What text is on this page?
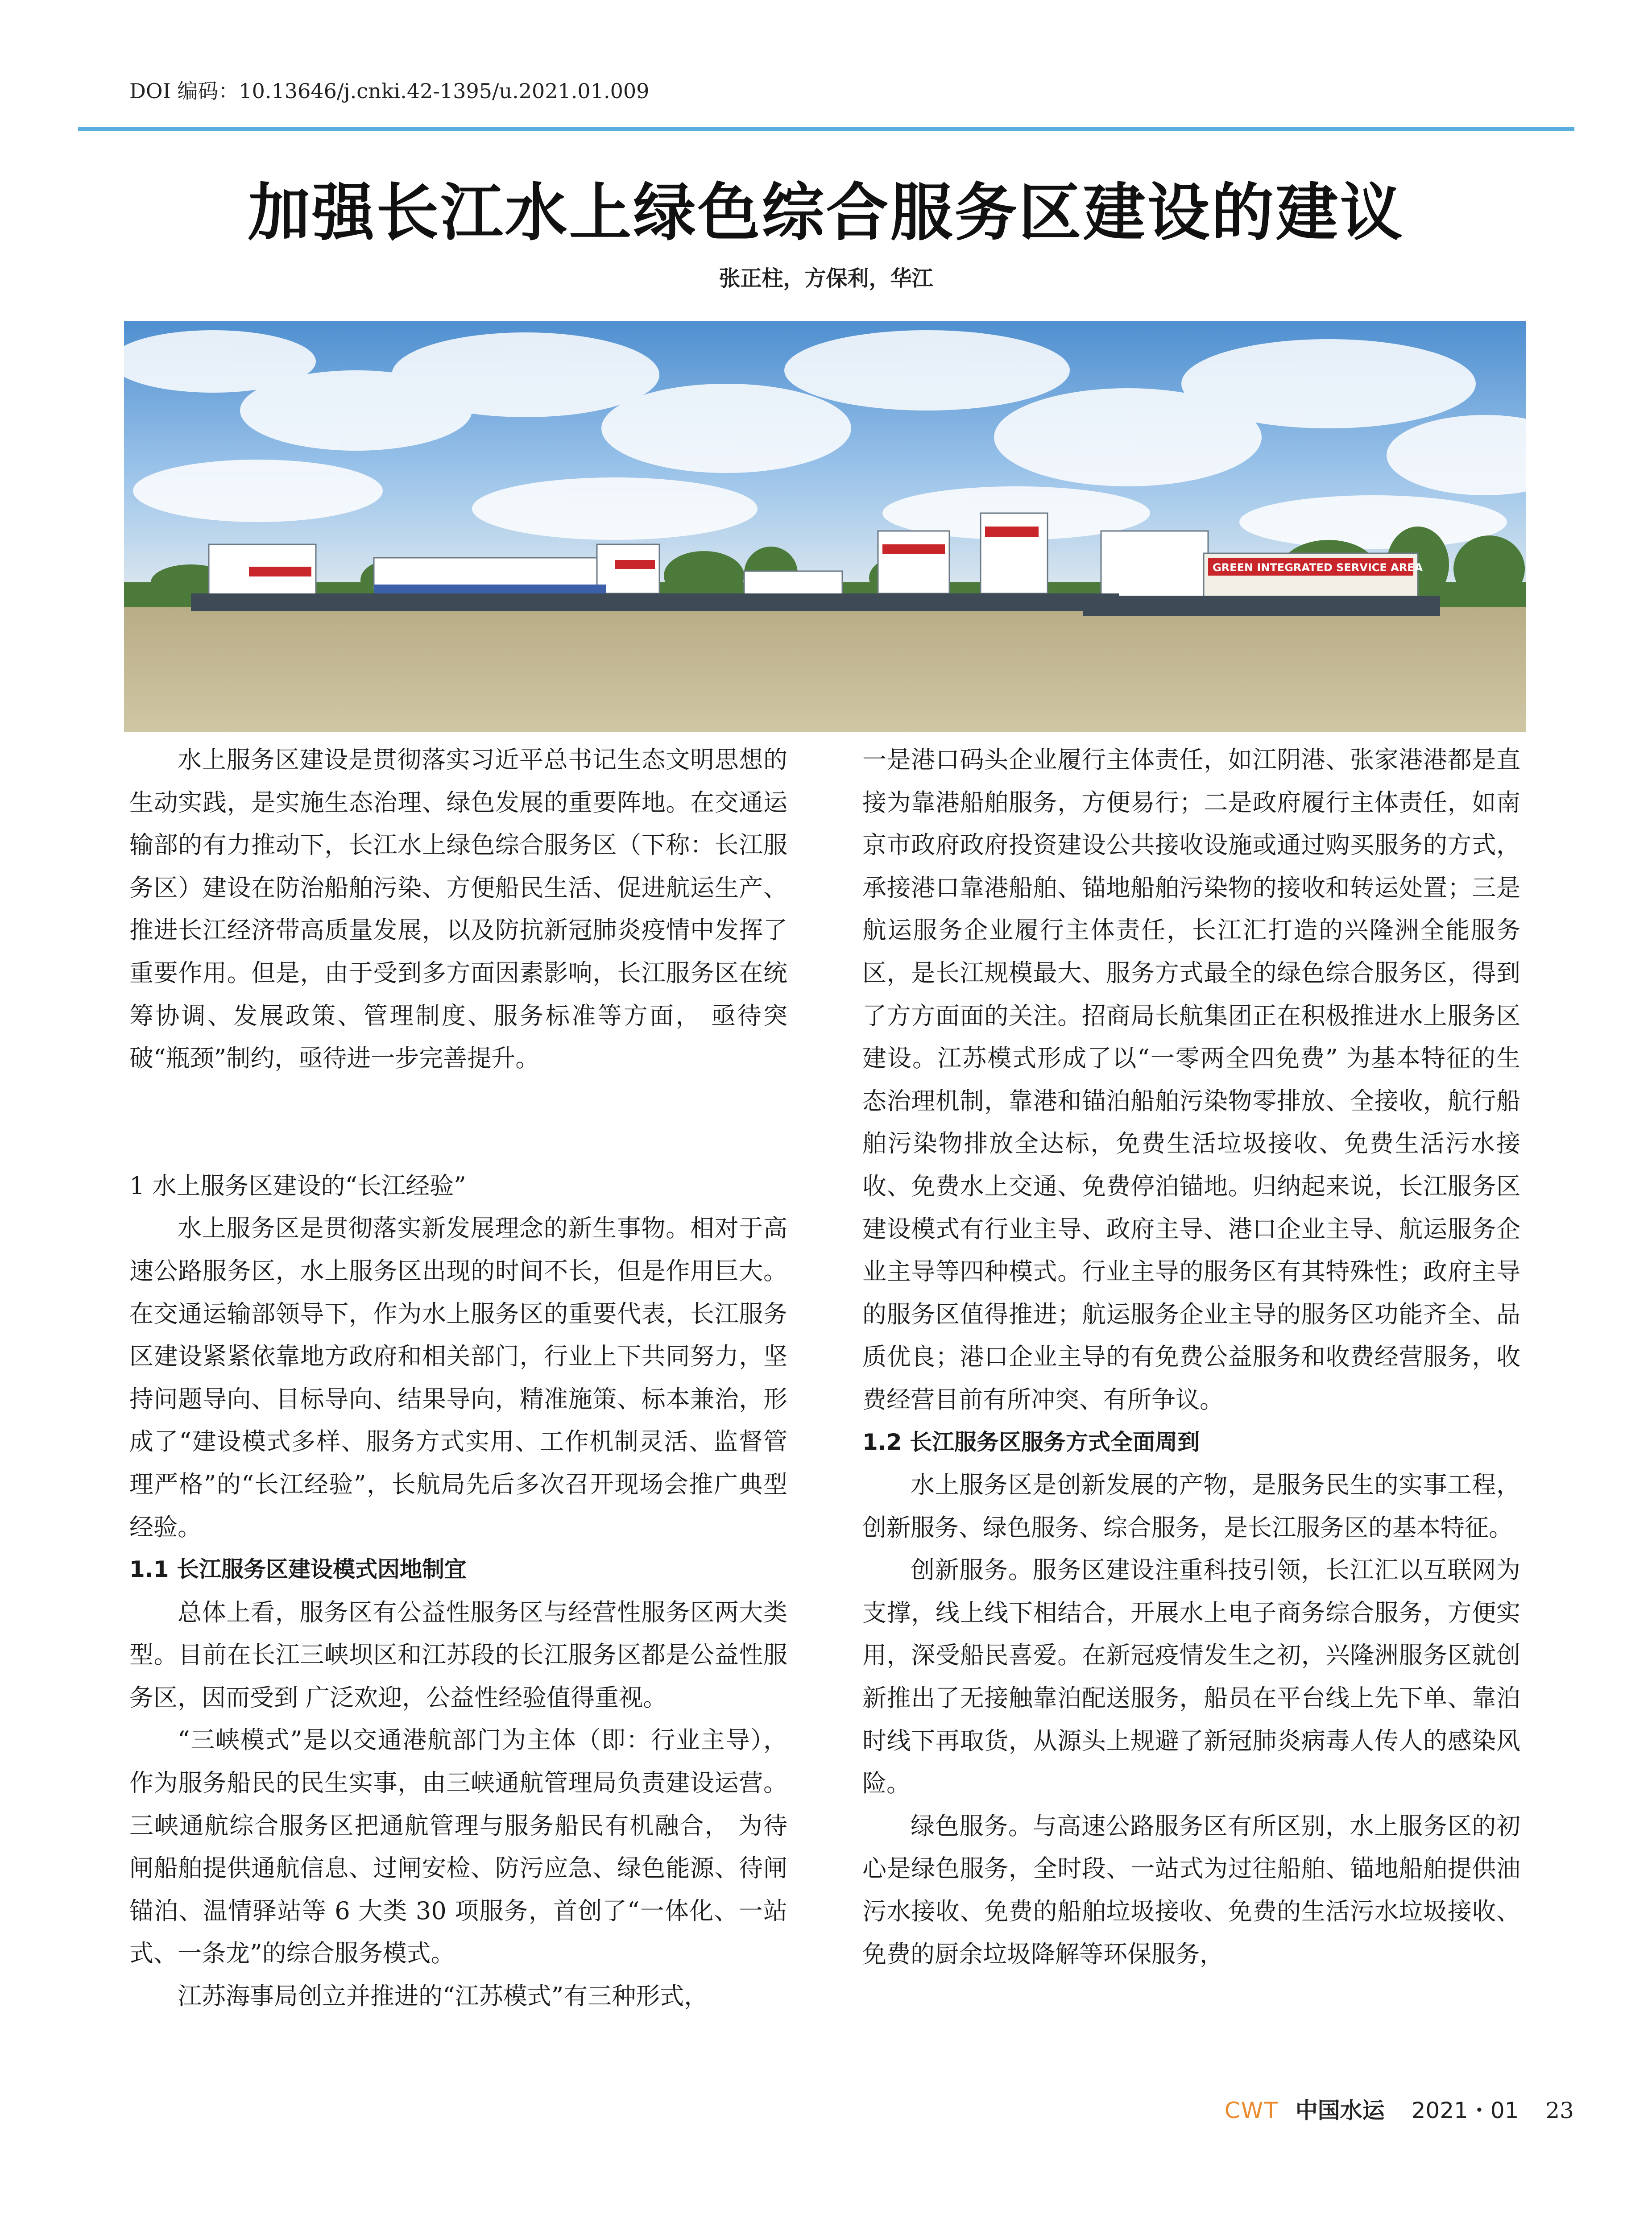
DOI 编码：10.13646/j.cnki.42-1395/u.2021.01.009
加强长江水上绿色综合服务区建设的建议
张正柱，方保利，华江
GREEN INTEGRATED SERVICE AREA

水上服务区建设是贯彻落实习近平总书记生态文明思想的生动实践，是实施生态治理、绿色发展的重要阵地。在交通运输部的有力推动下，长江水上绿色综合服务区（下称：长江服务区）建设在防治船舶污染、方便船民生活、促进航运生产、推进长江经济带高质量发展，以及防抗新冠肺炎疫情中发挥了重要作用。但是，由于受到多方面因素影响，长江服务区在统筹协调、发展政策、管理制度、服务标准等方面， 亟待突破“瓶颈”制约，亟待进一步完善提升。

1 水上服务区建设的“长江经验”

水上服务区是贯彻落实新发展理念的新生事物。相对于高速公路服务区，水上服务区出现的时间不长，但是作用巨大。在交通运输部领导下，作为水上服务区的重要代表，长江服务区建设紧紧依靠地方政府和相关部门，行业上下共同努力，坚持问题导向、目标导向、结果导向，精准施策、标本兼治，形成了“建设模式多样、服务方式实用、工作机制灵活、监督管理严格”的“长江经验”，长航局先后多次召开现场会推广典型经验。

1.1 长江服务区建设模式因地制宜

总体上看，服务区有公益性服务区与经营性服务区两大类型。目前在长江三峡坝区和江苏段的长江服务区都是公益性服务区，因而受到 广泛欢迎，公益性经验值得重视。

“三峡模式”是以交通港航部门为主体（即：行业主导），作为服务船民的民生实事，由三峡通航管理局负责建设运营。三峡通航综合服务区把通航管理与服务船民有机融合， 为待闸船舶提供通航信息、过闸安检、防污应急、绿色能源、待闸锚泊、温情驿站等 6 大类 30 项服务，首创了“一体化、一站式、一条龙”的综合服务模式。

江苏海事局创立并推进的“江苏模式”有三种形式，

一是港口码头企业履行主体责任，如江阴港、张家港港都是直接为靠港船舶服务，方便易行；二是政府履行主体责任，如南京市政府政府投资建设公共接收设施或通过购买服务的方式，承接港口靠港船舶、锚地船舶污染物的接收和转运处置；三是航运服务企业履行主体责任，长江汇打造的兴隆洲全能服务区，是长江规模最大、服务方式最全的绿色综合服务区，得到了方方面面的关注。招商局长航集团正在积极推进水上服务区建设。江苏模式形成了以“一零两全四免费” 为基本特征的生态治理机制，靠港和锚泊船舶污染物零排放、全接收，航行船舶污染物排放全达标，免费生活垃圾接收、免费生活污水接收、免费水上交通、免费停泊锚地。归纳起来说，长江服务区建设模式有行业主导、政府主导、港口企业主导、航运服务企业主导等四种模式。行业主导的服务区有其特殊性；政府主导的服务区值得推进；航运服务企业主导的服务区功能齐全、品质优良；港口企业主导的有免费公益服务和收费经营服务，收费经营目前有所冲突、有所争议。

1.2 长江服务区服务方式全面周到

水上服务区是创新发展的产物，是服务民生的实事工程，创新服务、绿色服务、综合服务，是长江服务区的基本特征。

创新服务。服务区建设注重科技引领，长江汇以互联网为支撑，线上线下相结合，开展水上电子商务综合服务，方便实用，深受船民喜爱。在新冠疫情发生之初，兴隆洲服务区就创新推出了无接触靠泊配送服务，船员在平台线上先下单、靠泊时线下再取货，从源头上规避了新冠肺炎病毒人传人的感染风险。

绿色服务。与高速公路服务区有所区别，水上服务区的初心是绿色服务，全时段、一站式为过往船舶、锚地船舶提供油污水接收、免费的船舶垃圾接收、免费的生活污水垃圾接收、免费的厨余垃圾降解等环保服务，

CWT 中国水运 2021・01 23
